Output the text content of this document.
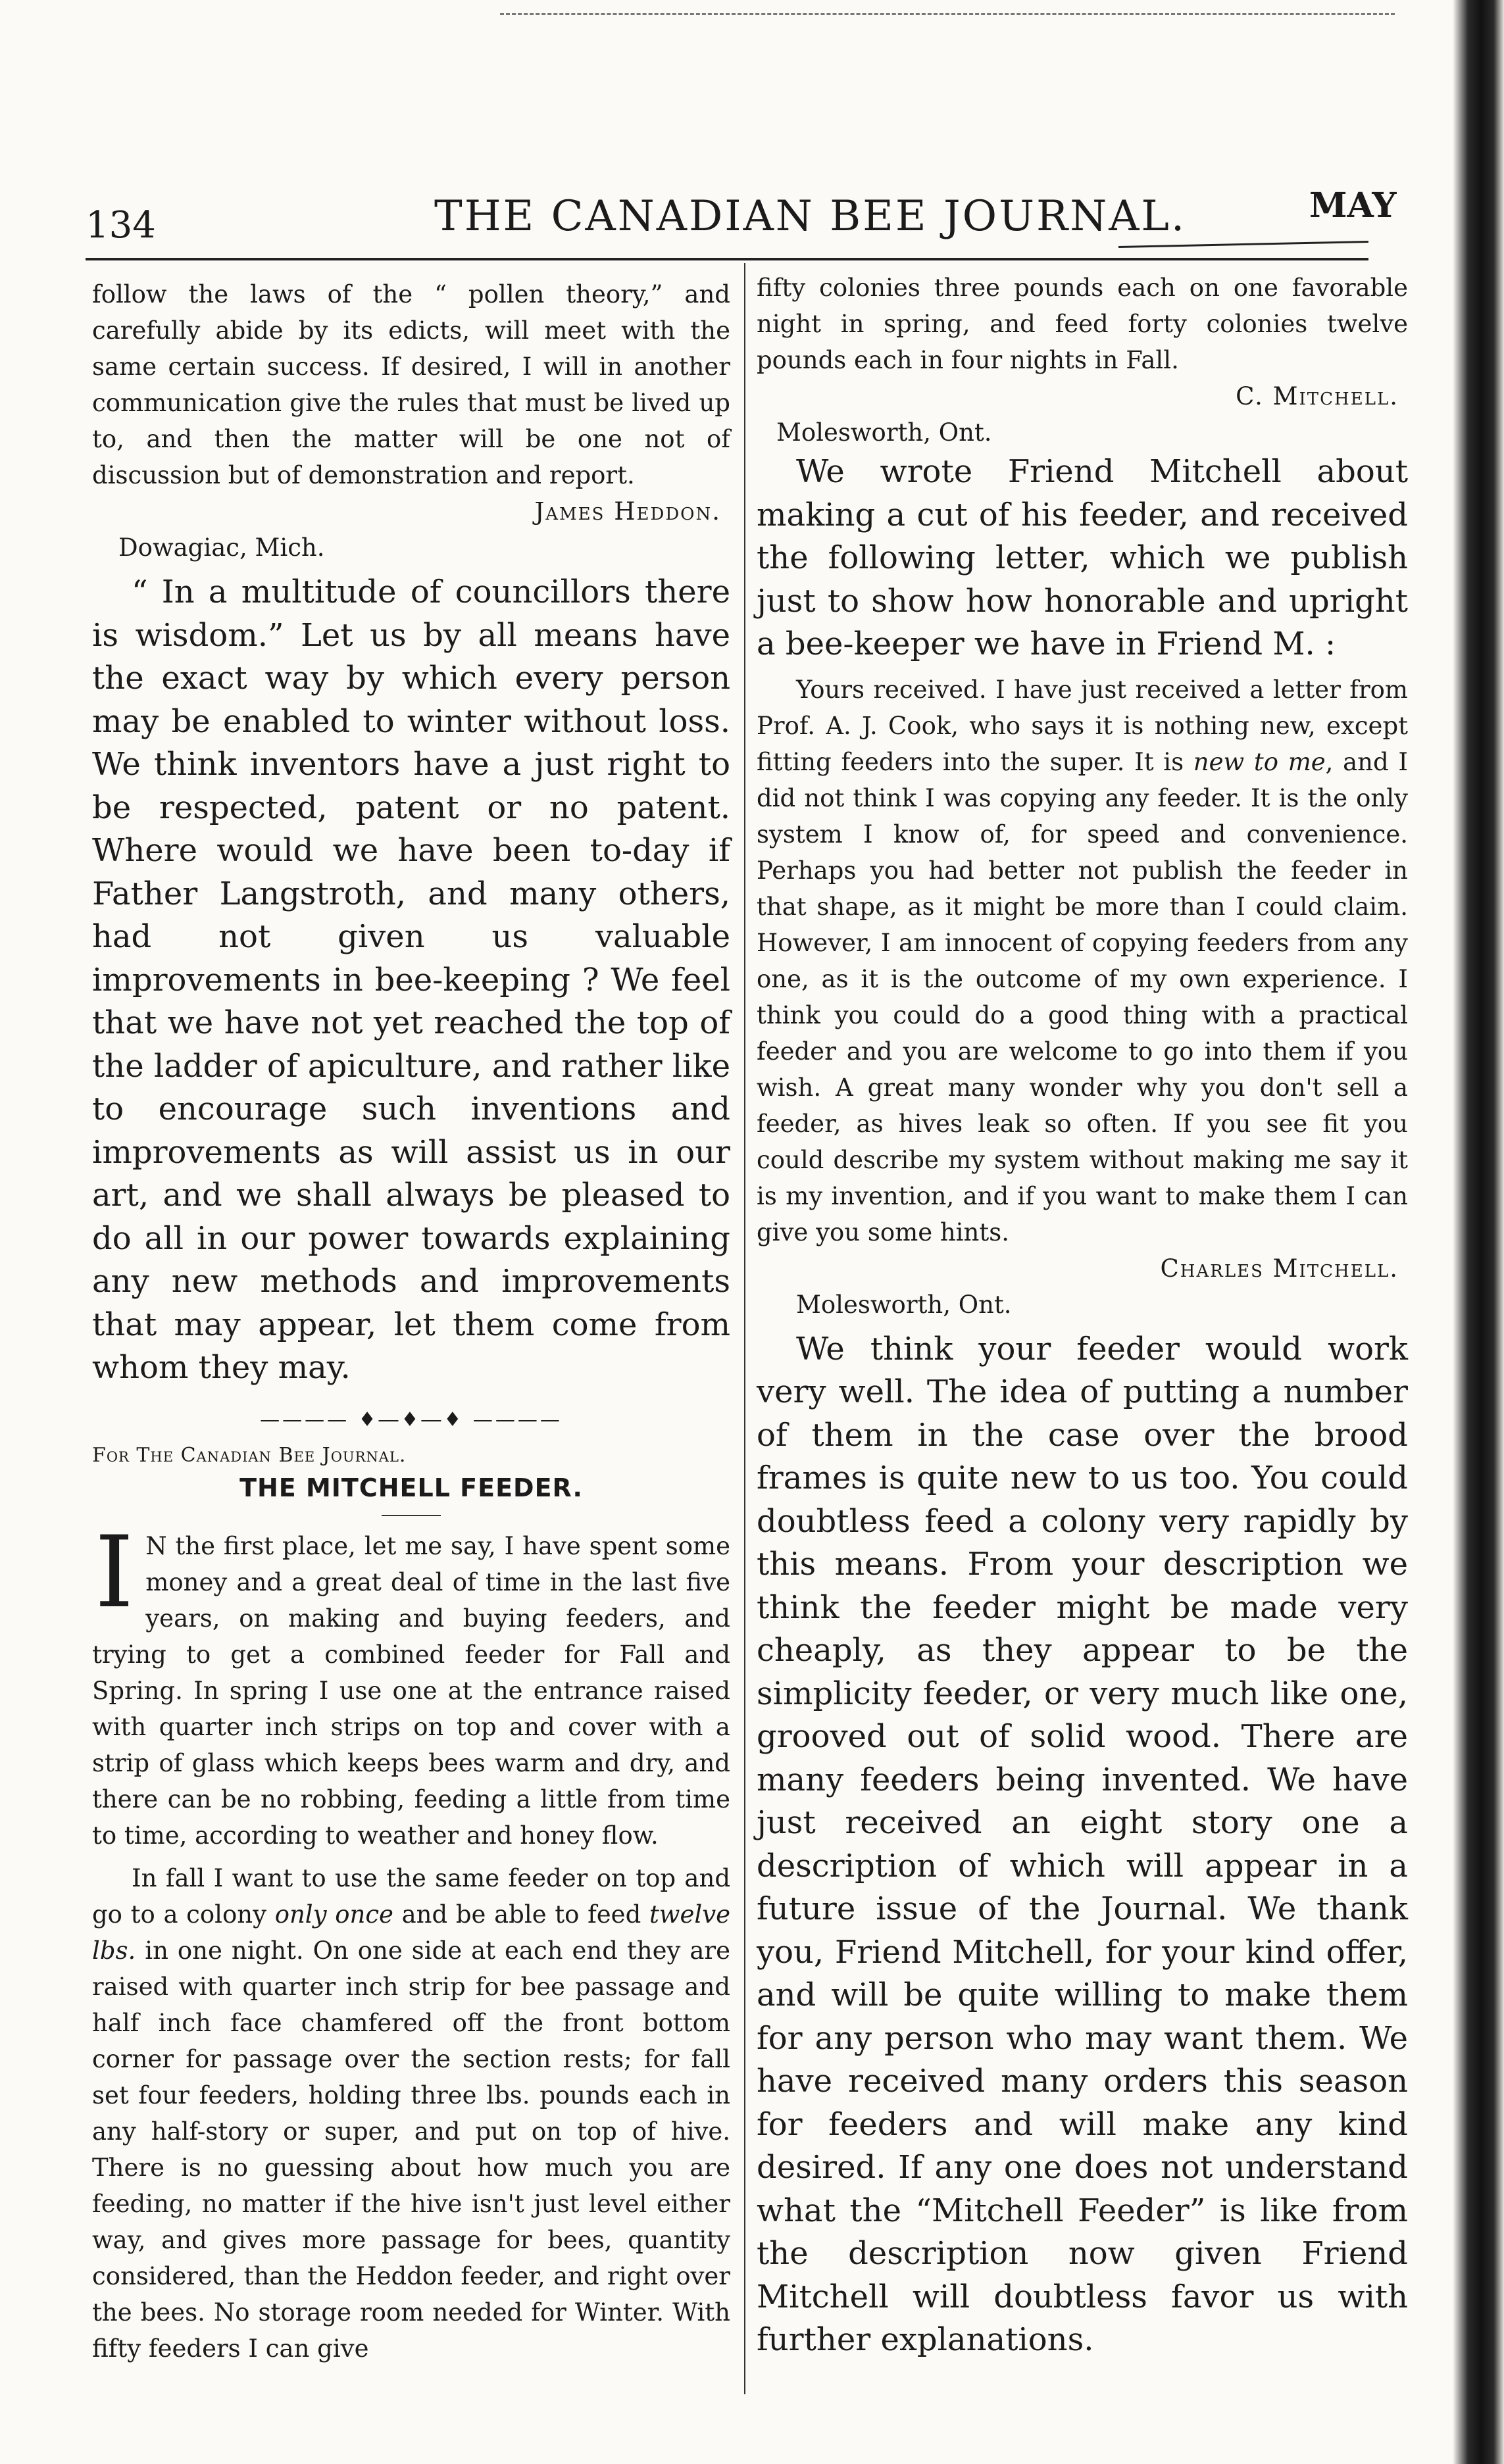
134	THE CANADIAN BEE JOURNAL.	MAY

follow the laws of the “ pollen theory,” and carefully abide by its edicts, will meet with the same certain success. If desired, I will in another communication give the rules that must be lived up to, and then the matter will be one not of discussion but of demonstration and report.

James Heddon.

Dowagiac, Mich.

“ In a multitude of councillors there is wisdom.” Let us by all means have the exact way by which every person may be enabled to winter without loss. We think inventors have a just right to be respected, patent or no patent. Where would we have been to-day if Father Langstroth, and many others, had not given us valuable improvements in bee-keeping ? We feel that we have not yet reached the top of the ladder of apiculture, and rather like to encourage such inventions and improvements as will assist us in our art, and we shall always be pleased to do all in our power towards explaining any new methods and improvements that may appear, let them come from whom they may.

———— ♦―♦―♦ ————

For The Canadian Bee Journal.

THE MITCHELL FEEDER.

I N the first place, let me say, I have spent some money and a great deal of time in the last five years, on making and buying feeders, and trying to get a combined feeder for Fall and Spring. In spring I use one at the entrance raised with quarter inch strips on top and cover with a strip of glass which keeps bees warm and dry, and there can be no robbing, feeding a little from time to time, according to weather and honey flow.

In fall I want to use the same feeder on top and go to a colony only once and be able to feed twelve lbs. in one night. On one side at each end they are raised with quarter inch strip for bee passage and half inch face chamfered off the front bottom corner for passage over the section rests; for fall set four feeders, holding three lbs. pounds each in any half-story or super, and put on top of hive. There is no guessing about how much you are feeding, no matter if the hive isn't just level either way, and gives more passage for bees, quantity considered, than the Heddon feeder, and right over the bees. No storage room needed for Winter. With fifty feeders I can give

fifty colonies three pounds each on one favorable night in spring, and feed forty colonies twelve pounds each in four nights in Fall.

C. Mitchell.

Molesworth, Ont.

We wrote Friend Mitchell about making a cut of his feeder, and received the following letter, which we publish just to show how honorable and upright a bee-keeper we have in Friend M. :

Yours received. I have just received a letter from Prof. A. J. Cook, who says it is nothing new, except fitting feeders into the super. It is new to me, and I did not think I was copying any feeder. It is the only system I know of, for speed and convenience. Perhaps you had better not publish the feeder in that shape, as it might be more than I could claim. However, I am innocent of copying feeders from any one, as it is the outcome of my own experience. I think you could do a good thing with a practical feeder and you are welcome to go into them if you wish. A great many wonder why you don't sell a feeder, as hives leak so often. If you see fit you could describe my system without making me say it is my invention, and if you want to make them I can give you some hints.

Charles Mitchell.

Molesworth, Ont.

We think your feeder would work very well. The idea of putting a number of them in the case over the brood frames is quite new to us too. You could doubtless feed a colony very rapidly by this means. From your description we think the feeder might be made very cheaply, as they appear to be the simplicity feeder, or very much like one, grooved out of solid wood. There are many feeders being invented. We have just received an eight story one a description of which will appear in a future issue of the Journal. We thank you, Friend Mitchell, for your kind offer, and will be quite willing to make them for any person who may want them. We have received many orders this season for feeders and will make any kind desired. If any one does not understand what the “Mitchell Feeder” is like from the description now given Friend Mitchell will doubtless favor us with further explanations.
